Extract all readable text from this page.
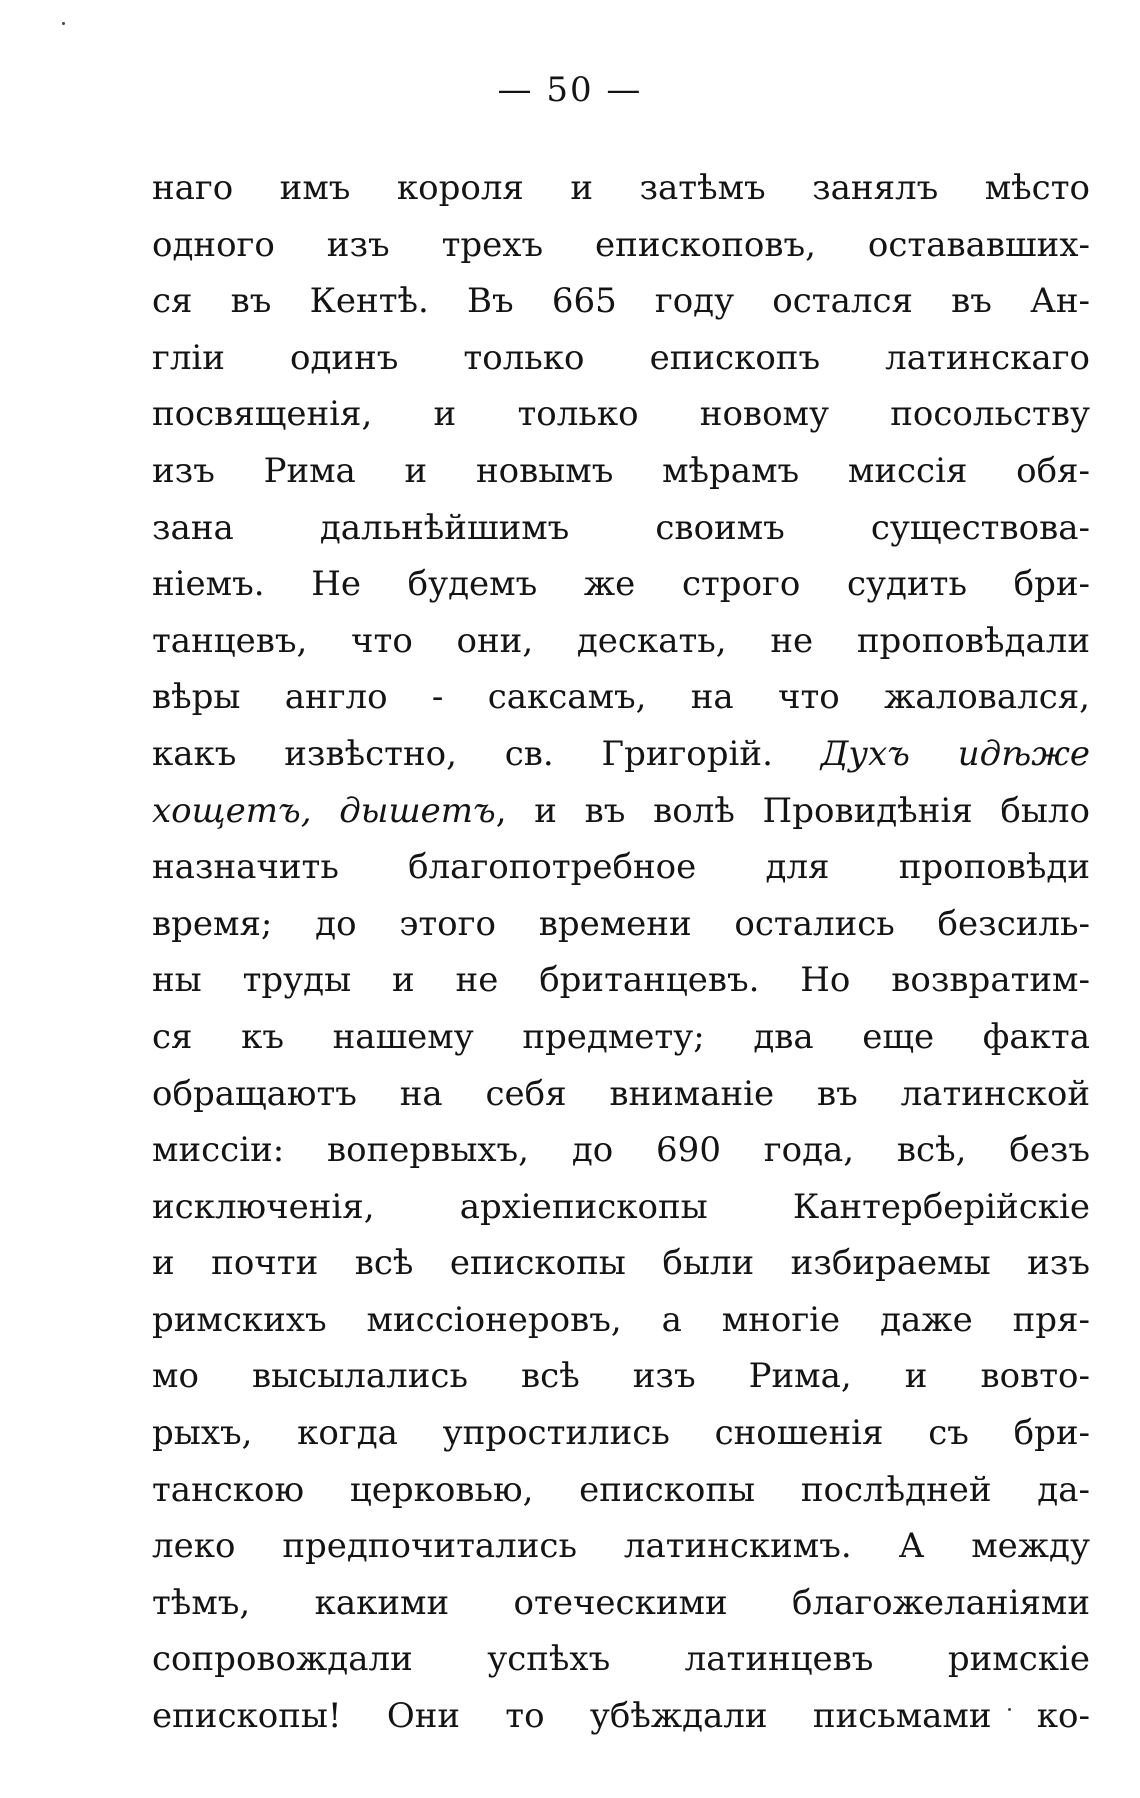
— 50 —
наго имъ короля и затѣмъ занялъ мѣсто
одного изъ трехъ епископовъ, остававших-
ся въ Кентѣ. Въ 665 году остался въ Ан-
гліи одинъ только епископъ латинскаго
посвященія, и только новому посольству
изъ Рима и новымъ мѣрамъ миссія обя-
зана дальнѣйшимъ своимъ существова-
ніемъ. Не будемъ же строго судить бри-
танцевъ, что они, дескать, не проповѣдали
вѣры англо - саксамъ, на что жаловался,
какъ извѣстно, св. Григорій. Духъ идѣже
хощетъ, дышетъ, и въ волѣ Провидѣнія было
назначить благопотребное для проповѣди
время; до этого времени остались безсиль-
ны труды и не британцевъ. Но возвратим-
ся къ нашему предмету; два еще факта
обращаютъ на себя вниманіе въ латинской
миссіи: вопервыхъ, до 690 года, всѣ, безъ
исключенія, архіепископы Кантерберійскіе
и почти всѣ епископы были избираемы изъ
римскихъ миссіонеровъ, а многіе даже пря-
мо высылались всѣ изъ Рима, и вовто-
рыхъ, когда упростились сношенія съ бри-
танскою церковью, епископы послѣдней да-
леко предпочитались латинскимъ. А между
тѣмъ, какими отеческими благожеланіями
сопровождали успѣхъ латинцевъ римскіе
епископы! Они то убѣждали письмами ко-
